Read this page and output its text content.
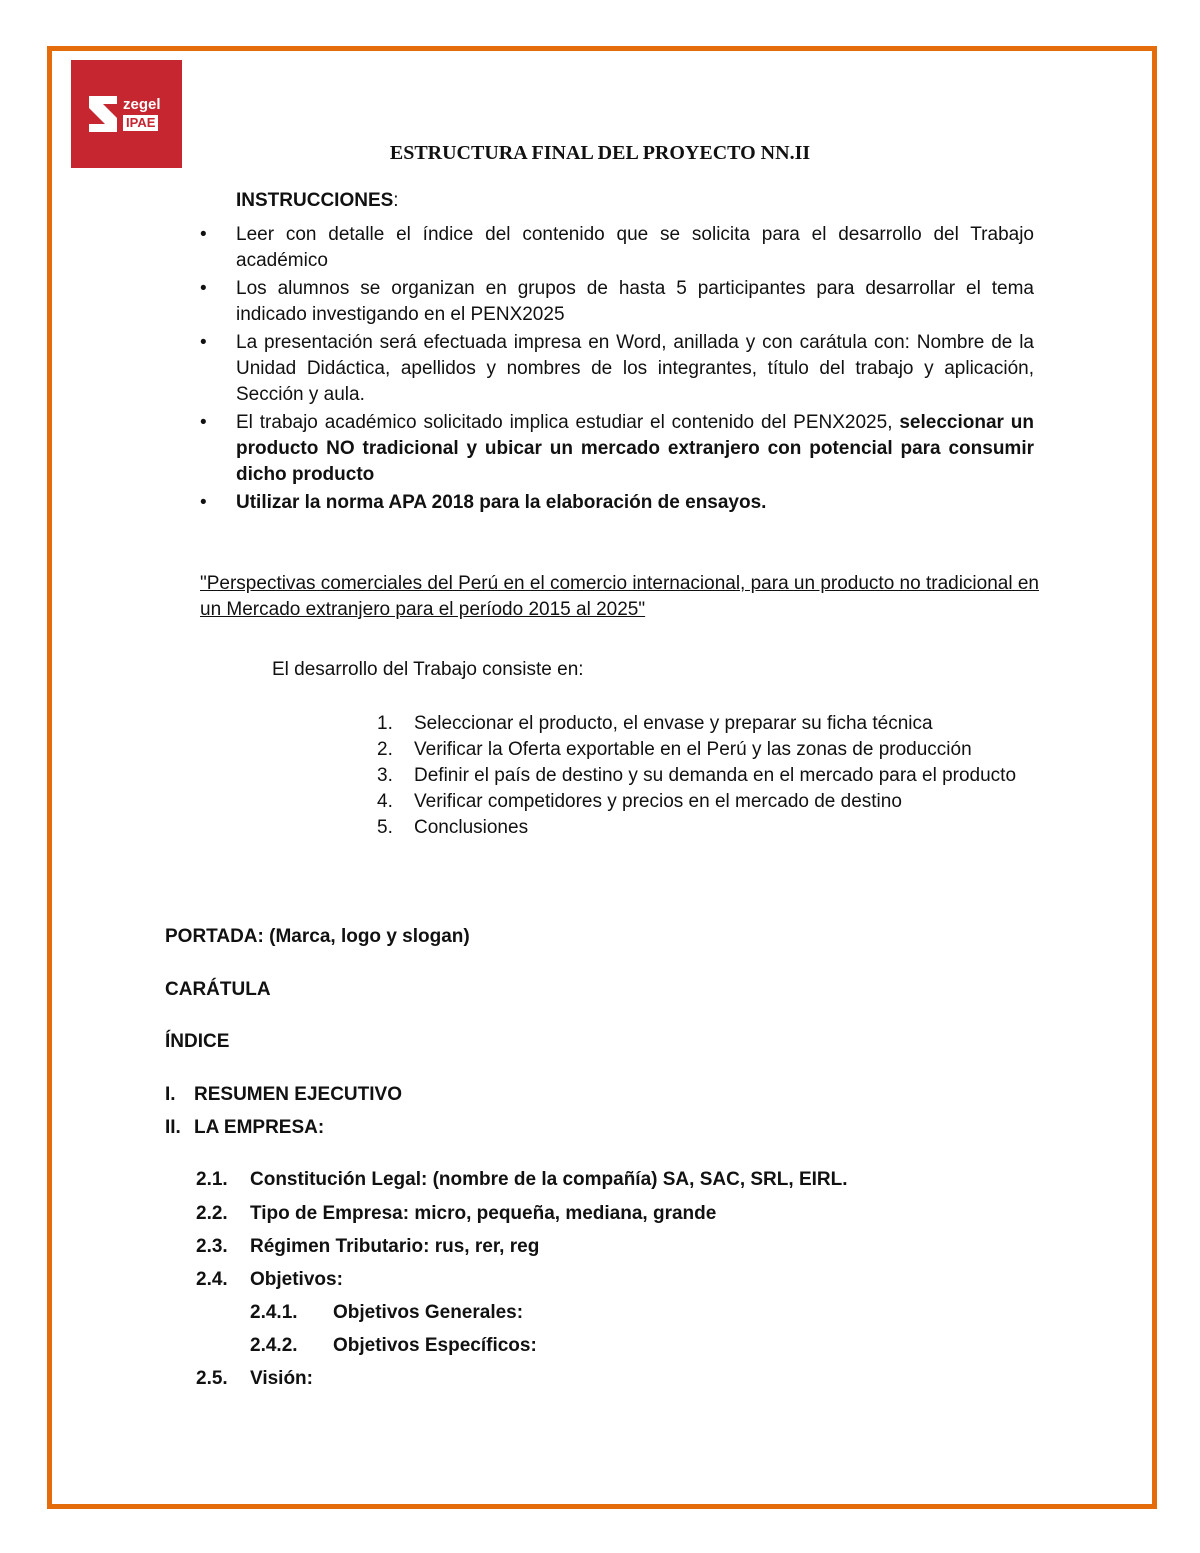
zegel
IPAE
ESTRUCTURA FINAL DEL PROYECTO NN.II
INSTRUCCIONES:
• Leer con detalle el índice del contenido que se solicita para el desarrollo del Trabajo académico
• Los alumnos se organizan en grupos de hasta 5 participantes para desarrollar el tema indicado investigando en el PENX2025
• La presentación será efectuada impresa en Word, anillada y con carátula con: Nombre de la Unidad Didáctica, apellidos y nombres de los integrantes, título del trabajo y aplicación, Sección y aula.
• El trabajo académico solicitado implica estudiar el contenido del PENX2025, seleccionar un producto NO tradicional y ubicar un mercado extranjero con potencial para consumir dicho producto
• Utilizar la norma APA 2018 para la elaboración de ensayos.
"Perspectivas comerciales del Perú en el comercio internacional, para un producto no tradicional en un Mercado extranjero para el período 2015 al 2025"
El desarrollo del Trabajo consiste en:
1. Seleccionar el producto, el envase y preparar su ficha técnica
2. Verificar la Oferta exportable en el Perú y las zonas de producción
3. Definir el país de destino y su demanda en el mercado para el producto
4. Verificar competidores y precios en el mercado de destino
5. Conclusiones
PORTADA: (Marca, logo y slogan)
CARÁTULA
ÍNDICE
I. RESUMEN EJECUTIVO
II. LA EMPRESA:
2.1. Constitución Legal: (nombre de la compañía) SA, SAC, SRL, EIRL.
2.2. Tipo de Empresa: micro, pequeña, mediana, grande
2.3. Régimen Tributario: rus, rer, reg
2.4. Objetivos:
2.4.1. Objetivos Generales:
2.4.2. Objetivos Específicos:
2.5. Visión:
